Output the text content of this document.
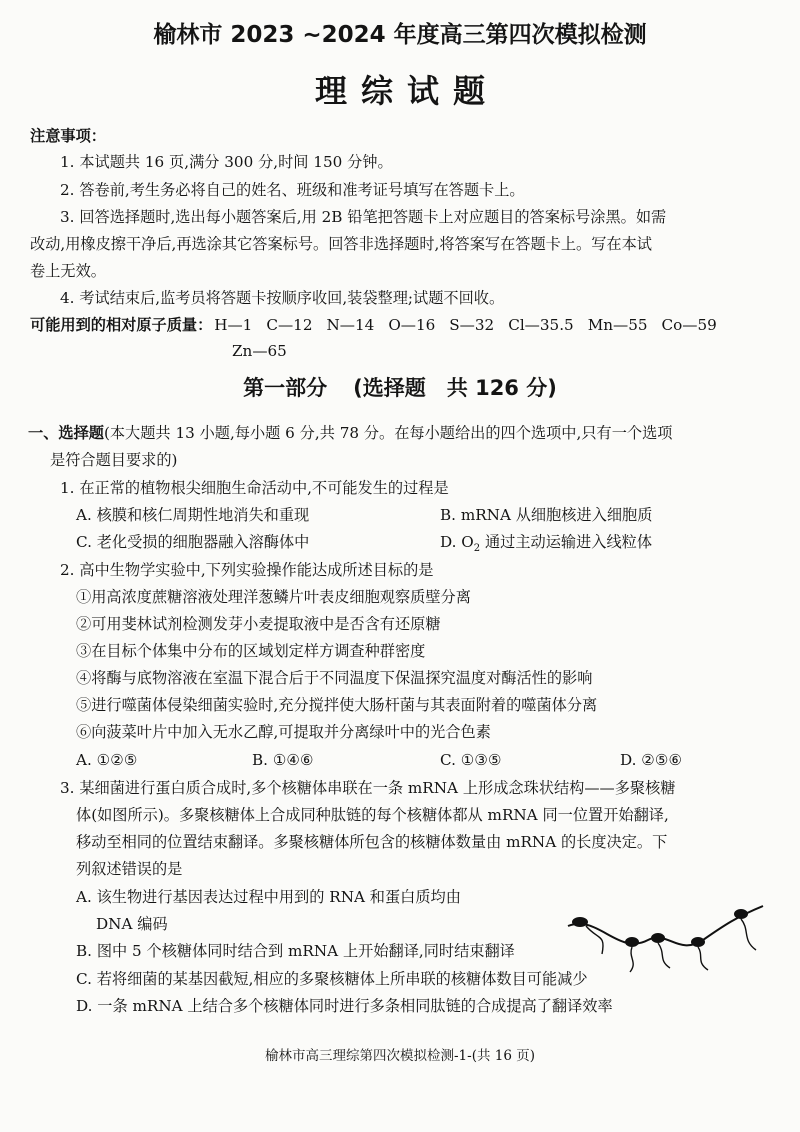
榆林市 2023 ~2024 年度高三第四次模拟检测
理综试题
注意事项：
1. 本试题共 16 页,满分 300 分,时间 150 分钟。
2. 答卷前,考生务必将自己的姓名、班级和准考证号填写在答题卡上。
3. 回答选择题时,选出每小题答案后,用 2B 铅笔把答题卡上对应题目的答案标号涂黑。如需
改动,用橡皮擦干净后,再选涂其它答案标号。回答非选择题时,将答案写在答题卡上。写在本试
卷上无效。
4. 考试结束后,监考员将答题卡按顺序收回,装袋整理;试题不回收。
可能用到的相对原子质量： H—1 C—12 N—14 O—16 S—32 Cl—35.5 Mn—55 Co—59
Zn—65
第一部分 (选择题　共 126 分)
一、选择题(本大题共 13 小题,每小题 6 分,共 78 分。在每小题给出的四个选项中,只有一个选项
是符合题目要求的)
1. 在正常的植物根尖细胞生命活动中,不可能发生的过程是
A. 核膜和核仁周期性地消失和重现	B. mRNA 从细胞核进入细胞质
C. 老化受损的细胞器融入溶酶体中	D. $O_2$ 通过主动运输进入线粒体
2. 高中生物学实验中,下列实验操作能达成所述目标的是
①用高浓度蔗糖溶液处理洋葱鳞片叶表皮细胞观察质壁分离
②可用斐林试剂检测发芽小麦提取液中是否含有还原糖
③在目标个体集中分布的区域划定样方调查种群密度
④将酶与底物溶液在室温下混合后于不同温度下保温探究温度对酶活性的影响
⑤进行噬菌体侵染细菌实验时,充分搅拌使大肠杆菌与其表面附着的噬菌体分离
⑥向菠菜叶片中加入无水乙醇,可提取并分离绿叶中的光合色素
A. ①②⑤	B. ①④⑥	C. ①③⑤	D. ②⑤⑥
3. 某细菌进行蛋白质合成时,多个核糖体串联在一条 mRNA 上形成念珠状结构——多聚核糖
体(如图所示)。多聚核糖体上合成同种肽链的每个核糖体都从 mRNA 同一位置开始翻译,
移动至相同的位置结束翻译。多聚核糖体所包含的核糖体数量由 mRNA 的长度决定。下
列叙述错误的是
A. 该生物进行基因表达过程中用到的 RNA 和蛋白质均由
DNA 编码
B. 图中 5 个核糖体同时结合到 mRNA 上开始翻译,同时结束翻译
C. 若将细菌的某基因截短,相应的多聚核糖体上所串联的核糖体数目可能减少
D. 一条 mRNA 上结合多个核糖体同时进行多条相同肽链的合成提高了翻译效率
榆林市高三理综第四次模拟检测-1-(共 16 页)
